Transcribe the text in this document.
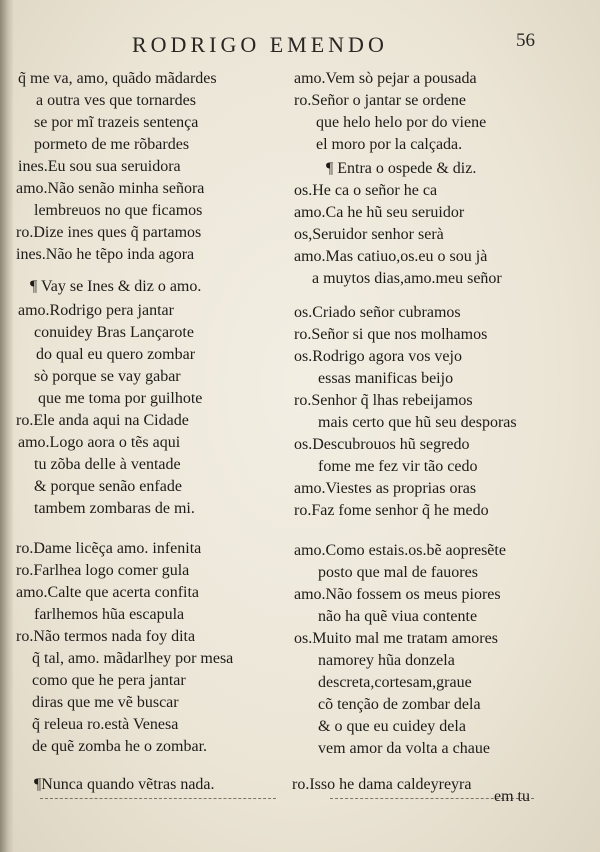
RODRIGO EMENDO	56
q̃ me va, amo, quãdo mãdardes
a outra ves que tornardes
se por mĩ trazeis sentença
pormeto de me rõbardes
ines.Eu sou sua seruidora
amo.Não senão minha señora
lembreuos no que ficamos
ro.Dize ines ques q̃ partamos
ines.Não he tẽpo inda agora
¶ Vay se Ines & diz o amo.
amo.Rodrigo pera jantar
conuidey Bras Lançarote
do qual eu quero zombar
sò porque se vay gabar
que me toma por guilhote
ro.Ele anda aqui na Cidade
amo.Logo aora o tẽs aqui
tu zõba delle à ventade
& porque senão enfade
tambem zombaras de mi.
ro.Dame licẽça amo. infenita
ro.Farlhea logo comer gula
amo.Calte que acerta confita
farlhemos hũa escapula
ro.Não termos nada foy dita
q̃ tal, amo. mãdarlhey por mesa
como que he pera jantar
diras que me vẽ buscar
q̃ releua ro.està Venesa
de quẽ zomba he o zombar.
¶Nunca quando vẽtras nada.
amo.Vem sò pejar a pousada
ro.Señor o jantar se ordene
que helo helo por do viene
el moro por la calçada.
¶ Entra o ospede & diz.
os.He ca o señor he ca
amo.Ca he hũ seu seruidor
os,Seruidor senhor serà
amo.Mas catiuo,os.eu o sou jà
a muytos dias,amo.meu señor
os.Criado señor cubramos
ro.Señor si que nos molhamos
os.Rodrigo agora vos vejo
essas manificas beijo
ro.Senhor q̃ lhas rebeijamos
mais certo que hũ seu desporas
os.Descubrouos hũ segredo
fome me fez vir tão cedo
amo.Viestes as proprias oras
ro.Faz fome senhor q̃ he medo
amo.Como estais.os.bẽ aopresẽte
posto que mal de fauores
amo.Não fossem os meus piores
não ha quẽ viua contente
os.Muito mal me tratam amores
namorey hũa donzela
descreta,cortesam,graue
cõ tenção de zombar dela
& o que eu cuidey dela
vem amor da volta a chaue
ro.Isso he dama caldeyreyra
em tu
